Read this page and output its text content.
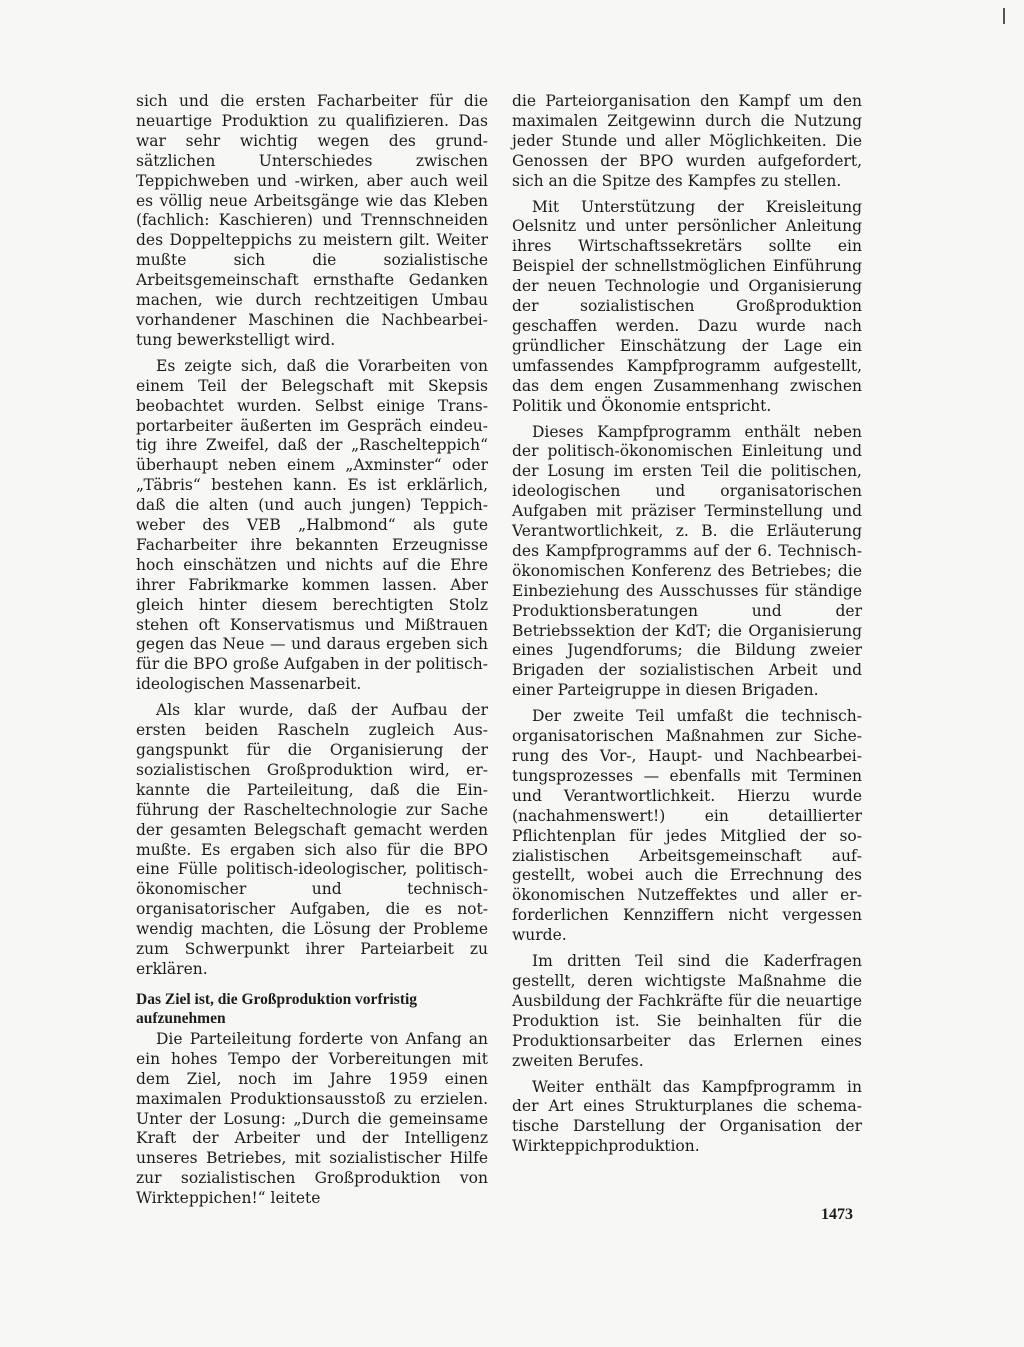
sich und die ersten Facharbeiter für die neuartige Produktion zu qualifizieren. Das war sehr wichtig wegen des grundsätzlichen Unterschiedes zwischen Teppichweben und -wirken, aber auch weil es völlig neue Arbeitsgänge wie das Kleben (fachlich: Kaschieren) und Trennschneiden des Doppelteppichs zu meistern gilt. Weiter mußte sich die sozialistische Arbeitsgemeinschaft ernsthafte Gedanken machen, wie durch rechtzeitigen Umbau vorhandener Maschinen die Nachbearbeitung bewerkstelligt wird.

Es zeigte sich, daß die Vorarbeiten von einem Teil der Belegschaft mit Skepsis beobachtet wurden. Selbst einige Transportarbeiter äußerten im Gespräch eindeutig ihre Zweifel, daß der „Raschelteppich“ überhaupt neben einem „Axminster“ oder „Täbris“ bestehen kann. Es ist erklärlich, daß die alten (und auch jungen) Teppichweber des VEB „Halbmond“ als gute Facharbeiter ihre bekannten Erzeugnisse hoch einschätzen und nichts auf die Ehre ihrer Fabrikmarke kommen lassen. Aber gleich hinter diesem berechtigten Stolz stehen oft Konservatismus und Mißtrauen gegen das Neue — und daraus ergeben sich für die BPO große Aufgaben in der politisch-ideologischen Massenarbeit.

Als klar wurde, daß der Aufbau der ersten beiden Rascheln zugleich Ausgangspunkt für die Organisierung der sozialistischen Großproduktion wird, erkannte die Parteileitung, daß die Einführung der Rascheltechnologie zur Sache der gesamten Belegschaft gemacht werden mußte. Es ergaben sich also für die BPO eine Fülle politisch-ideologischer, politisch-ökonomischer und technisch-organisatorischer Aufgaben, die es notwendig machten, die Lösung der Probleme zum Schwerpunkt ihrer Parteiarbeit zu erklären.

Das Ziel ist, die Großproduktion vorfristig aufzunehmen

Die Parteileitung forderte von Anfang an ein hohes Tempo der Vorbereitungen mit dem Ziel, noch im Jahre 1959 einen maximalen Produktionsausstoß zu erzielen. Unter der Losung: „Durch die gemeinsame Kraft der Arbeiter und der Intelligenz unseres Betriebes, mit sozialistischer Hilfe zur sozialistischen Großproduktion von Wirkteppichen!“ leitete

die Parteiorganisation den Kampf um den maximalen Zeitgewinn durch die Nutzung jeder Stunde und aller Möglichkeiten. Die Genossen der BPO wurden aufgefordert, sich an die Spitze des Kampfes zu stellen.

Mit Unterstützung der Kreisleitung Oelsnitz und unter persönlicher Anleitung ihres Wirtschaftssekretärs sollte ein Beispiel der schnellstmöglichen Einführung der neuen Technologie und Organisierung der sozialistischen Großproduktion geschaffen werden. Dazu wurde nach gründlicher Einschätzung der Lage ein umfassendes Kampfprogramm aufgestellt, das dem engen Zusammenhang zwischen Politik und Ökonomie entspricht.

Dieses Kampfprogramm enthält neben der politisch-ökonomischen Einleitung und der Losung im ersten Teil die politischen, ideologischen und organisatorischen Aufgaben mit präziser Terminstellung und Verantwortlichkeit, z. B. die Erläuterung des Kampfprogramms auf der 6. Technisch-ökonomischen Konferenz des Betriebes; die Einbeziehung des Ausschusses für ständige Produktionsberatungen und der Betriebssektion der KdT; die Organisierung eines Jugendforums; die Bildung zweier Brigaden der sozialistischen Arbeit und einer Parteigruppe in diesen Brigaden.

Der zweite Teil umfaßt die technisch-organisatorischen Maßnahmen zur Sicherung des Vor-, Haupt- und Nachbearbeitungsprozesses — ebenfalls mit Terminen und Verantwortlichkeit. Hierzu wurde (nachahmenswert!) ein detaillierter Pflichtenplan für jedes Mitglied der sozialistischen Arbeitsgemeinschaft aufgestellt, wobei auch die Errechnung des ökonomischen Nutzeffektes und aller erforderlichen Kennziffern nicht vergessen wurde.

Im dritten Teil sind die Kaderfragen gestellt, deren wichtigste Maßnahme die Ausbildung der Fachkräfte für die neuartige Produktion ist. Sie beinhalten für die Produktionsarbeiter das Erlernen eines zweiten Berufes.

Weiter enthält das Kampfprogramm in der Art eines Strukturplanes die schematische Darstellung der Organisation der Wirkteppichproduktion.

1473
